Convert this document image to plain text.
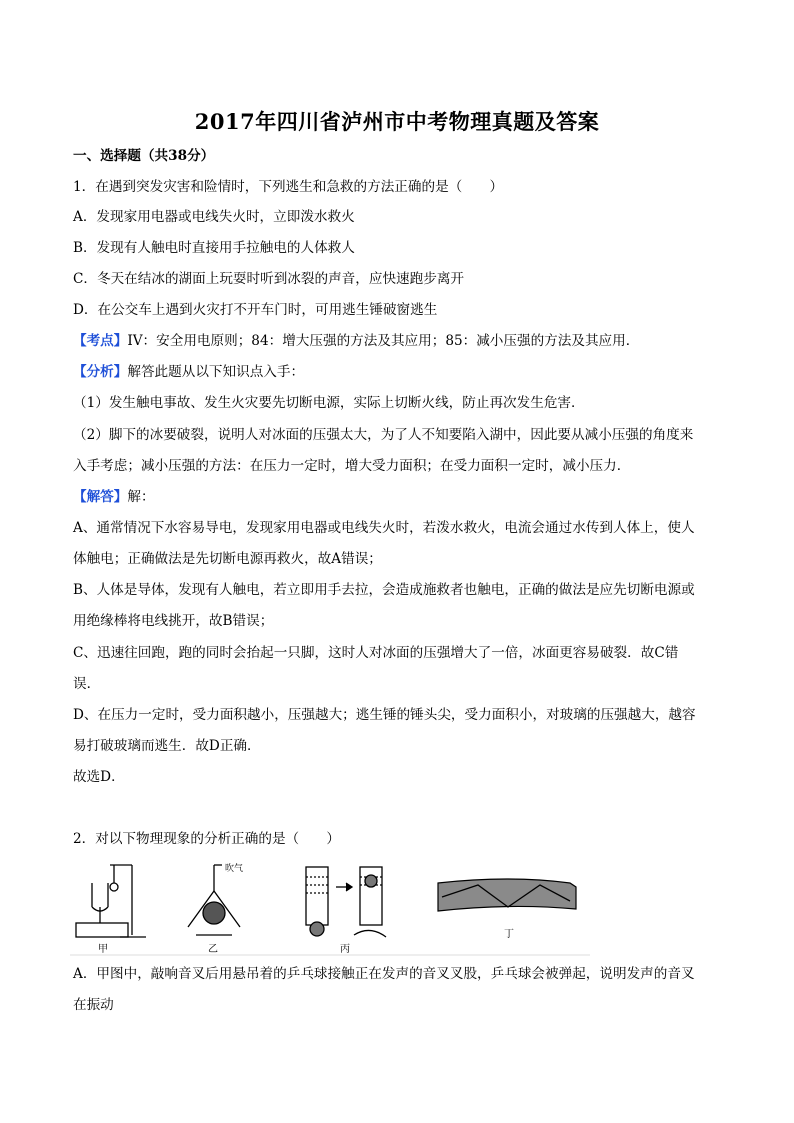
2017年四川省泸州市中考物理真题及答案
一、选择题（共38分）
1．在遇到突发灾害和险情时，下列逃生和急救的方法正确的是（　　）
A．发现家用电器或电线失火时，立即泼水救火
B．发现有人触电时直接用手拉触电的人体救人
C．冬天在结冰的湖面上玩耍时听到冰裂的声音，应快速跑步离开
D．在公交车上遇到火灾打不开车门时，可用逃生锤破窗逃生
【考点】IV：安全用电原则；84：增大压强的方法及其应用；85：减小压强的方法及其应用．
【分析】解答此题从以下知识点入手：
（1）发生触电事故、发生火灾要先切断电源，实际上切断火线，防止再次发生危害．
（2）脚下的冰要破裂，说明人对冰面的压强太大，为了人不知要陷入湖中，因此要从减小压强的角度来
入手考虑；减小压强的方法：在压力一定时，增大受力面积；在受力面积一定时，减小压力．
【解答】解：
A、通常情况下水容易导电，发现家用电器或电线失火时，若泼水救火，电流会通过水传到人体上，使人
体触电；正确做法是先切断电源再救火，故A错误；
B、人体是导体，发现有人触电，若立即用手去拉，会造成施救者也触电，正确的做法是应先切断电源或
用绝缘棒将电线挑开，故B错误；
C、迅速往回跑，跑的同时会抬起一只脚，这时人对冰面的压强增大了一倍，冰面更容易破裂．故C错
误．
D、在压力一定时，受力面积越小，压强越大；逃生锤的锤头尖，受力面积小，对玻璃的压强越大，越容
易打破玻璃而逃生．故D正确．
故选D．
2．对以下物理现象的分析正确的是（　　）
甲
吹气
乙	丙
丁
A．甲图中，敲响音叉后用悬吊着的乒乓球接触正在发声的音叉叉股，乒乓球会被弹起，说明发声的音叉
在振动
